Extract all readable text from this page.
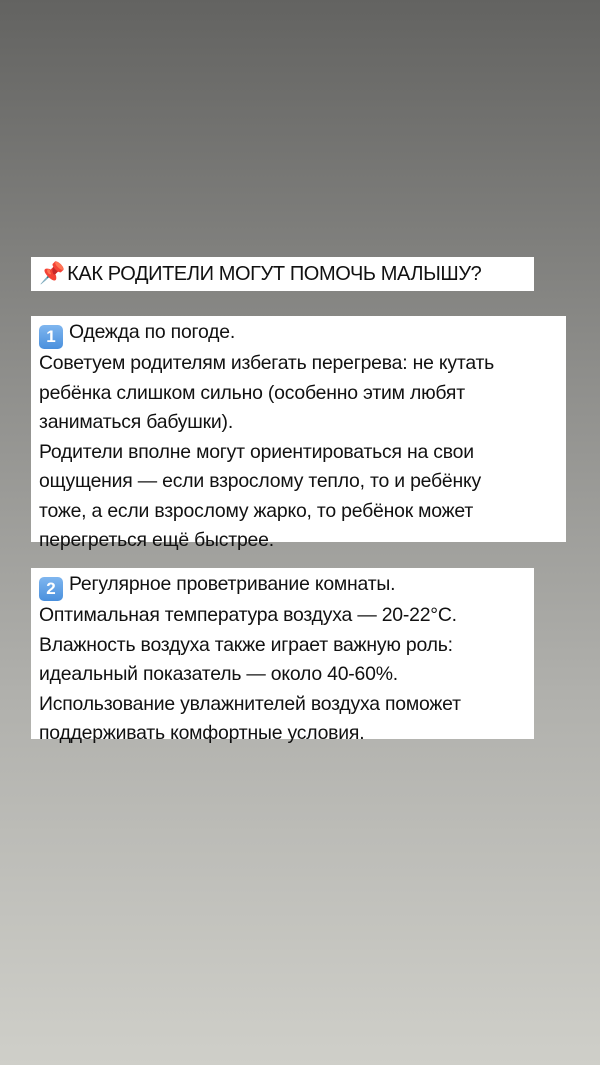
📌 КАК РОДИТЕЛИ МОГУТ ПОМОЧЬ МАЛЫШУ?
1 Одежда по погоде.
Советуем родителям избегать перегрева: не кутать
ребёнка слишком сильно (особенно этим любят
заниматься бабушки).
Родители вполне могут ориентироваться на свои
ощущения — если взрослому тепло, то и ребёнку
тоже, а если взрослому жарко, то ребёнок может
перегреться ещё быстрее.
2 Регулярное проветривание комнаты.
Оптимальная температура воздуха — 20-22°C.
Влажность воздуха также играет важную роль:
идеальный показатель — около 40-60%.
Использование увлажнителей воздуха поможет
поддерживать комфортные условия.
